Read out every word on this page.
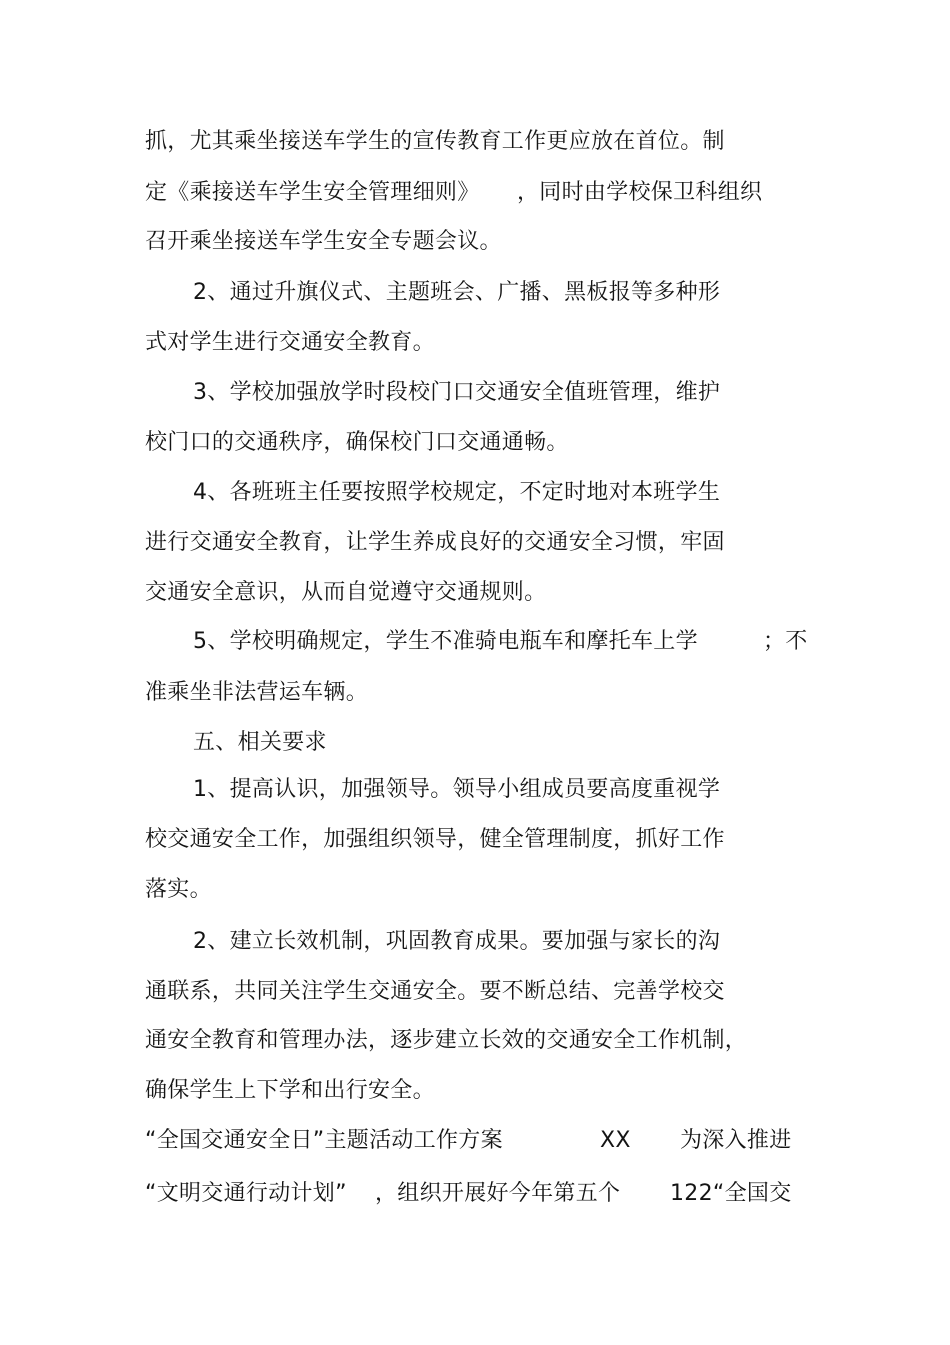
抓，尤其乘坐接送车学生的宣传教育工作更应放在首位。制

定《乘接送车学生安全管理细则》

，同时由学校保卫科组织

召开乘坐接送车学生安全专题会议。

2、通过升旗仪式、主题班会、广播、黑板报等多种形

式对学生进行交通安全教育。

3、学校加强放学时段校门口交通安全值班管理，维护

校门口的交通秩序，确保校门口交通通畅。

4、各班班主任要按照学校规定，不定时地对本班学生

进行交通安全教育，让学生养成良好的交通安全习惯，牢固

交通安全意识，从而自觉遵守交通规则。

5、学校明确规定，学生不准骑电瓶车和摩托车上学

	；不

准乘坐非法营运车辆。

五、相关要求

1、提高认识，加强领导。领导小组成员要高度重视学

校交通安全工作，加强组织领导，健全管理制度，抓好工作

落实。

2、建立长效机制，巩固教育成果。要加强与家长的沟

通联系，共同关注学生交通安全。要不断总结、完善学校交

通安全教育和管理办法，逐步建立长效的交通安全工作机制，

确保学生上下学和出行安全。

“全国交通安全日”主题活动工作方案

	XX

为深入推进

“文明交通行动计划”

，组织开展好今年第五个

122“全国交
